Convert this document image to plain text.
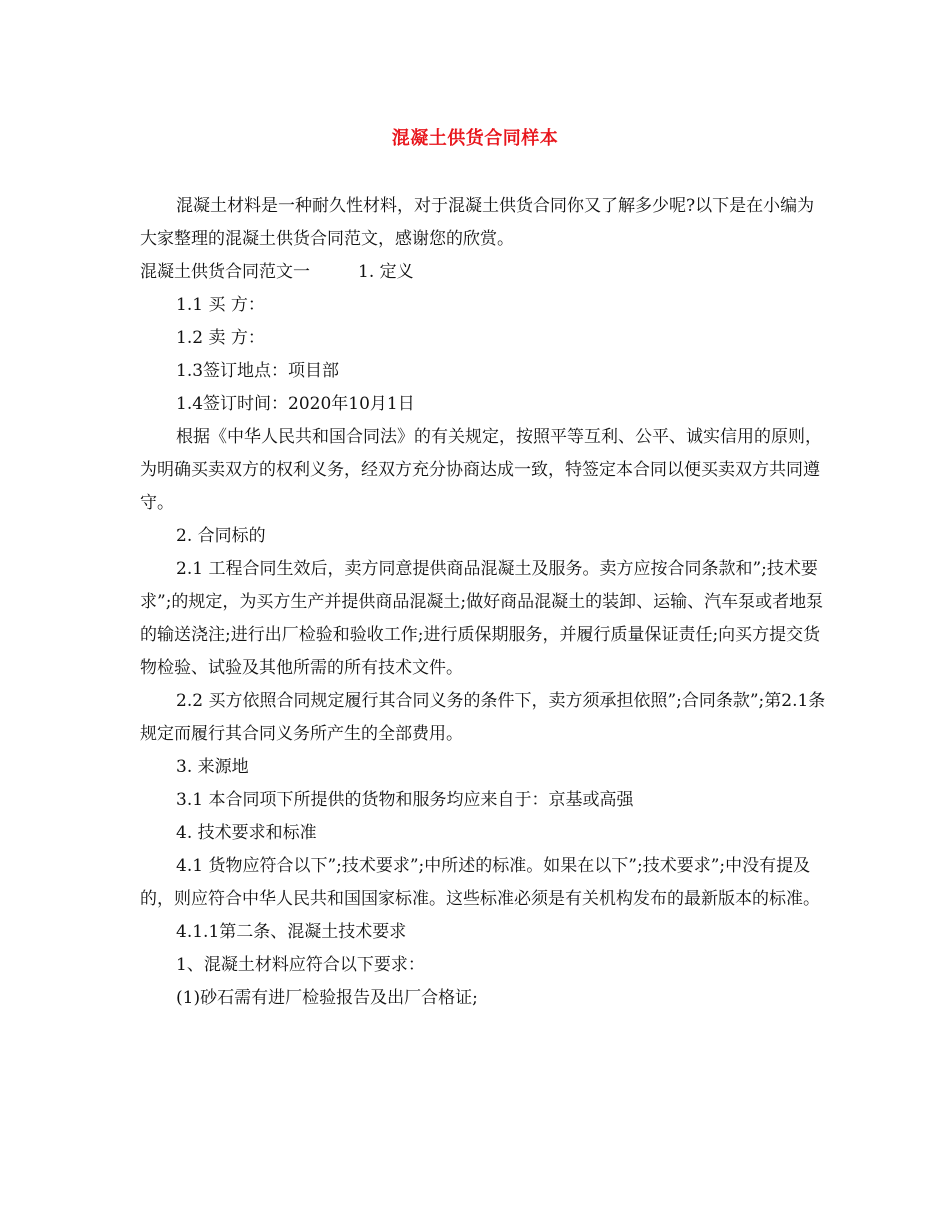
混凝土供货合同样本

混凝土材料是一种耐久性材料，对于混凝土供货合同你又了解多少呢?以下是在小编为大家整理的混凝土供货合同范文，感谢您的欣赏。

混凝土供货合同范文一	1. 定义

1.1 买 方：

1.2 卖 方：

1.3签订地点：项目部

1.4签订时间：2020年10月1日

根据《中华人民共和国合同法》的有关规定，按照平等互利、公平、诚实信用的原则，为明确买卖双方的权利义务，经双方充分协商达成一致，特签定本合同以便买卖双方共同遵守。

2. 合同标的

2.1 工程合同生效后，卖方同意提供商品混凝土及服务。卖方应按合同条款和”;技术要求”;的规定，为买方生产并提供商品混凝土;做好商品混凝土的装卸、运输、汽车泵或者地泵的输送浇注;进行出厂检验和验收工作;进行质保期服务，并履行质量保证责任;向买方提交货物检验、试验及其他所需的所有技术文件。

2.2 买方依照合同规定履行其合同义务的条件下，卖方须承担依照”;合同条款”;第2.1条规定而履行其合同义务所产生的全部费用。

3. 来源地

3.1 本合同项下所提供的货物和服务均应来自于：京基或高强

4. 技术要求和标准

4.1 货物应符合以下”;技术要求”;中所述的标准。如果在以下”;技术要求”;中没有提及的，则应符合中华人民共和国国家标准。这些标准必须是有关机构发布的最新版本的标准。

4.1.1第二条、混凝土技术要求

1、混凝土材料应符合以下要求：

(1)砂石需有进厂检验报告及出厂合格证;
